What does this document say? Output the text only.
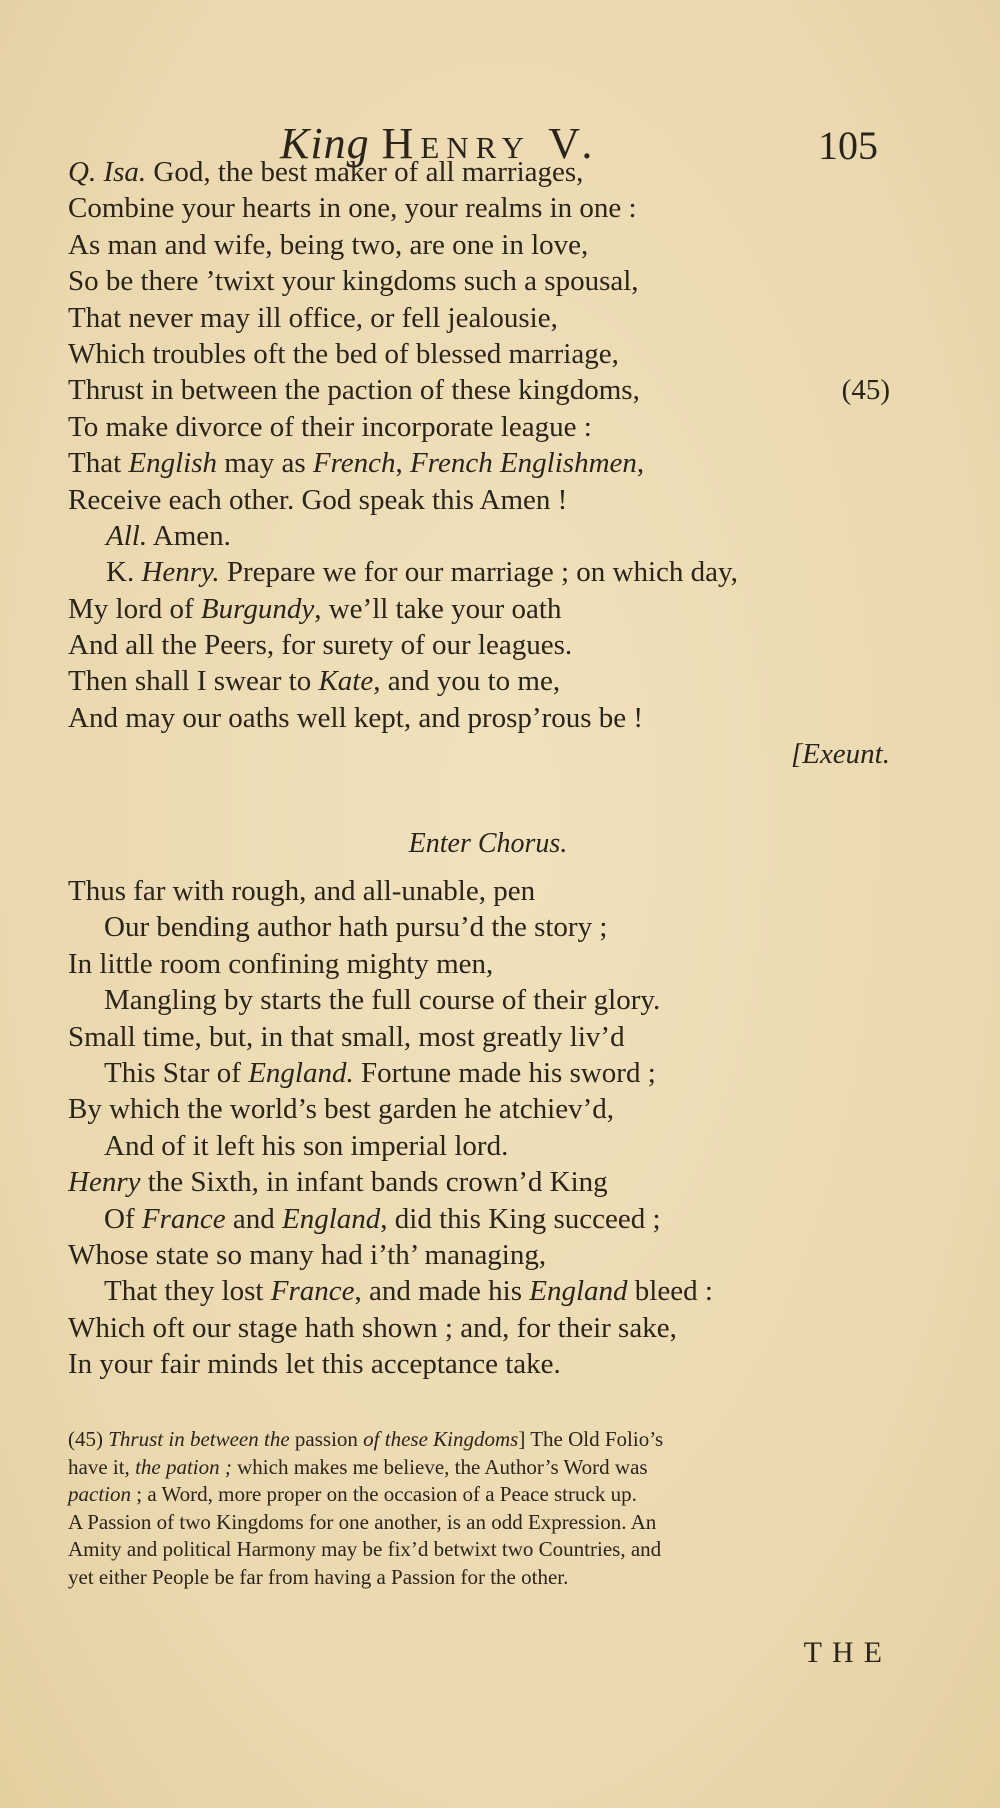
King Henry V.	105
Q. Isa. God, the best maker of all marriages,
Combine your hearts in one, your realms in one :
As man and wife, being two, are one in love,
So be there ’twixt your kingdoms such a spousal,
That never may ill office, or fell jealousie,
Which troubles oft the bed of blessed marriage,
Thrust in between the paction of these kingdoms,	(45)
To make divorce of their incorporate league :
That English may as French, French Englishmen,
Receive each other. God speak this Amen !
All. Amen.
K. Henry. Prepare we for our marriage ; on which day,
My lord of Burgundy, we’ll take your oath
And all the Peers, for surety of our leagues.
Then shall I swear to Kate, and you to me,
And may our oaths well kept, and prosp’rous be !
[Exeunt.
Enter Chorus.
Thus far with rough, and all-unable, pen
Our bending author hath pursu’d the story ;
In little room confining mighty men,
Mangling by starts the full course of their glory.
Small time, but, in that small, most greatly liv’d
This Star of England. Fortune made his sword ;
By which the world’s best garden he atchiev’d,
And of it left his son imperial lord.
Henry the Sixth, in infant bands crown’d King
Of France and England, did this King succeed ;
Whose state so many had i’th’ managing,
That they lost France, and made his England bleed :
Which oft our stage hath shown ; and, for their sake,
In your fair minds let this acceptance take.
(45) Thrust in between the passion of these Kingdoms] The Old Folio’s
have it, the pation ; which makes me believe, the Author’s Word was
paction ; a Word, more proper on the occasion of a Peace struck up.
A Passion of two Kingdoms for one another, is an odd Expression. An
Amity and political Harmony may be fix’d betwixt two Countries, and
yet either People be far from having a Passion for the other.
THE
